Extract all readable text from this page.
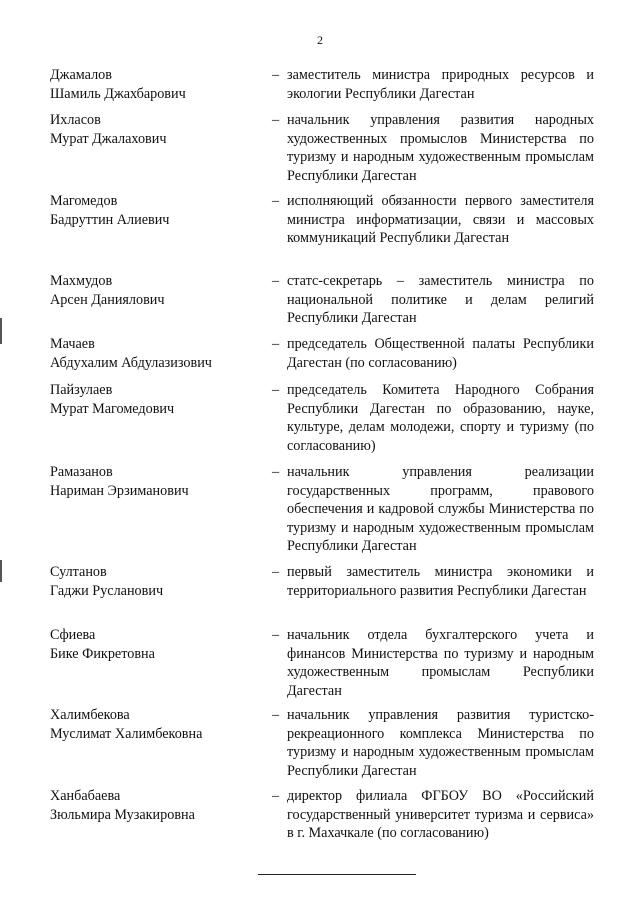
2
Джамалов
Шамиль Джахбарович
– заместитель министра природных ресурсов и экологии Республики Дагестан
Ихласов
Мурат Джалахович
– начальник управления развития народных художественных промыслов Министерства по туризму и народным художественным промыслам Республики Дагестан
Магомедов
Бадруттин Алиевич
– исполняющий обязанности первого заместителя министра информатизации, связи и массовых коммуникаций Республики Дагестан
Махмудов
Арсен Даниялович
– статс-секретарь – заместитель министра по национальной политике и делам религий Республики Дагестан
Мачаев
Абдухалим Абдулазизович
– председатель Общественной палаты Республики Дагестан (по согласованию)
Пайзулаев
Мурат Магомедович
– председатель Комитета Народного Собрания Республики Дагестан по образованию, науке, культуре, делам молодежи, спорту и туризму (по согласованию)
Рамазанов
Нариман Эрзиманович
– начальник управления реализации государственных программ, правового обеспечения и кадровой службы Министерства по туризму и народным художественным промыслам Республики Дагестан
Султанов
Гаджи Русланович
– первый заместитель министра экономики и территориального развития Республики Дагестан
Сфиева
Бике Фикретовна
– начальник отдела бухгалтерского учета и финансов Министерства по туризму и народным художественным промыслам Республики Дагестан
Халимбекова
Муслимат Халимбековна
– начальник управления развития туристско-рекреационного комплекса Министерства по туризму и народным художественным промыслам Республики Дагестан
Ханбабаева
Зюльмира Музакировна
– директор филиала ФГБОУ ВО «Российский государственный университет туризма и сервиса» в г. Махачкале (по согласованию)
